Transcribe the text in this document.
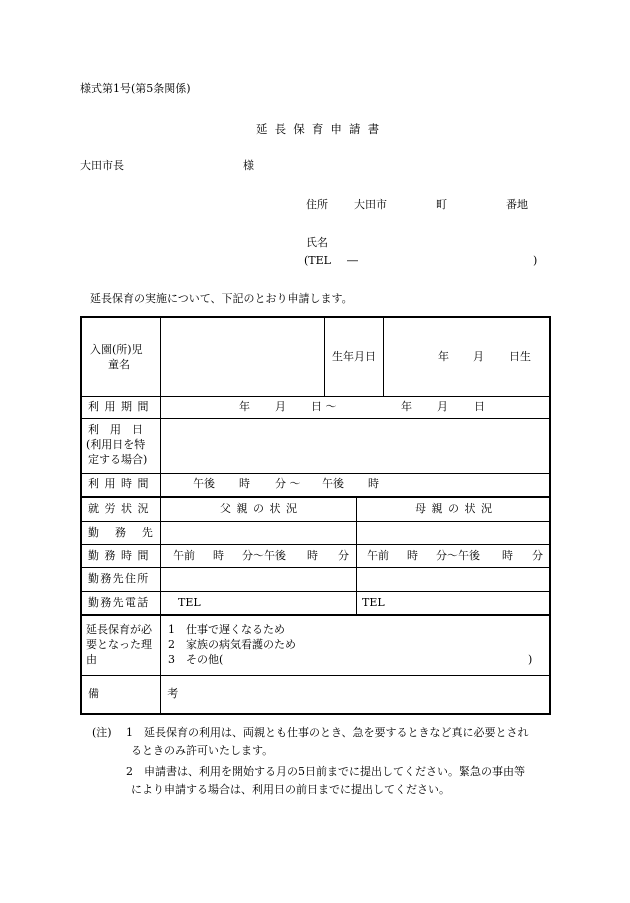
様式第1号(第5条関係)
延 長 保 育 申 請 書
大田市長	様
住所 大田市	町	番地
氏名
(TEL ―	)
延長保育の実施について、下記のとおり申請します。
入園(所)児
童名
生年月日	年 月 日生
利用期間	年 月 日 〜	年 月 日
利　用　日
(利用日を特
定する場合)
利用時間	午後 時 分 〜 午後 時
就労状況	父親の状況	母親の状況
勤務先
勤務時間 午前 時 分〜午後 時 分 午前 時 分〜午後 時 分
勤務先住所
勤務先電話	TEL	TEL
延長保育が必
要となった理
由
1　仕事で遅くなるため
2　家族の病気看護のため
3　その他(	)
備　　考
(注) 1 延長保育の利用は、両親とも仕事のとき、急を要するときなど真に必要とされ
るときのみ許可いたします。
2 申請書は、利用を開始する月の5日前までに提出してください。緊急の事由等
により申請する場合は、利用日の前日までに提出してください。
